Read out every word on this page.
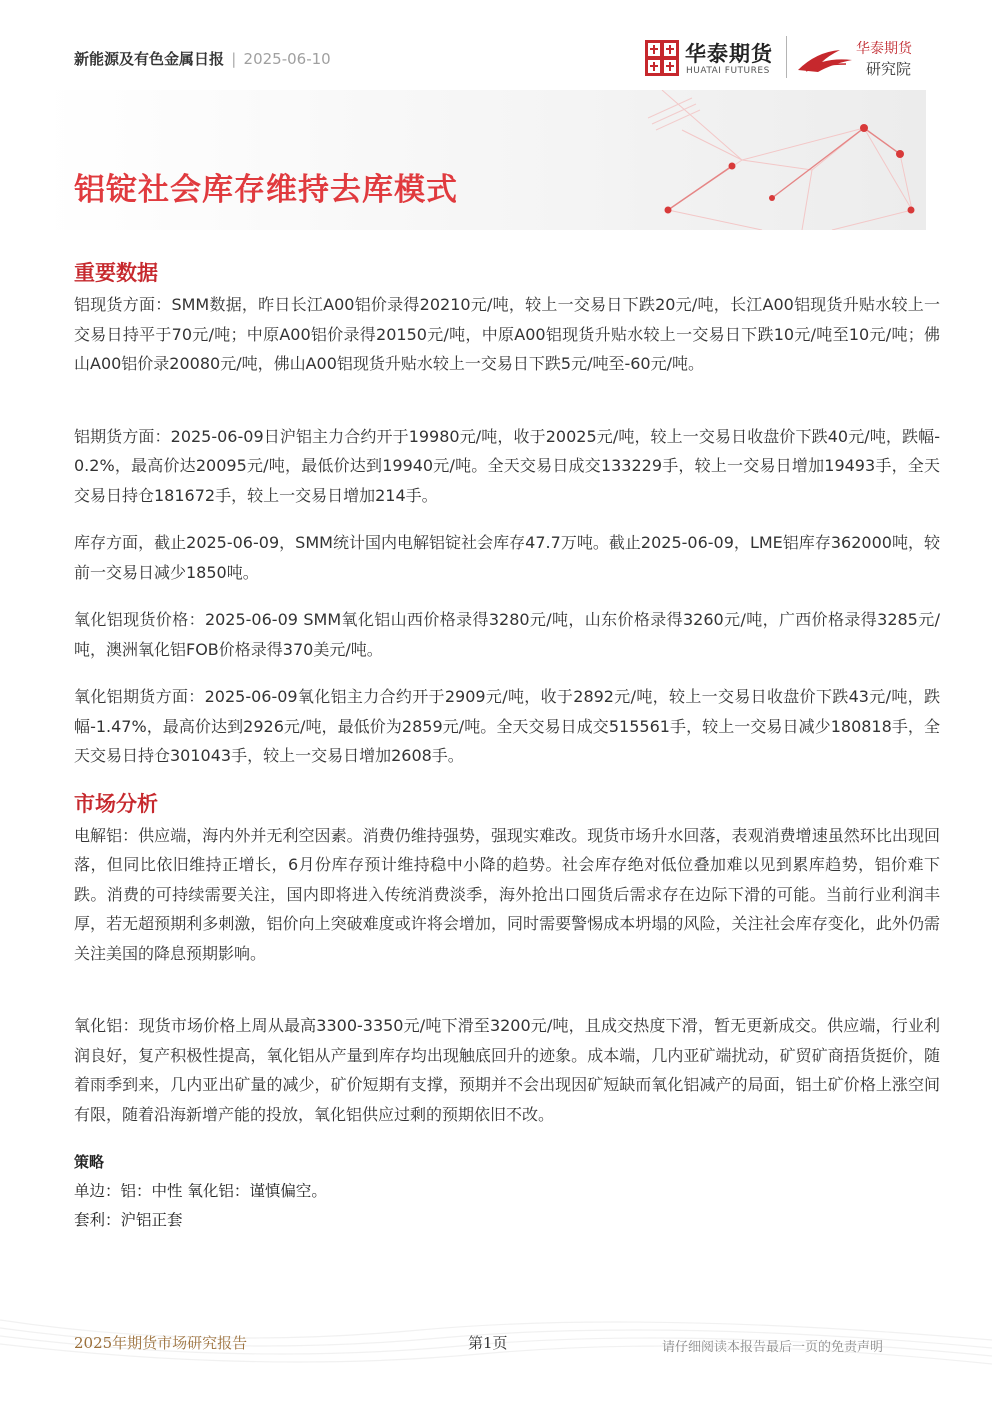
新能源及有色金属日报 | 2025-06-10	华泰期货
HUATAI FUTURES
华泰期货
研究院
铝锭社会库存维持去库模式

重要数据

铝现货方面：SMM数据，昨日长江A00铝价录得20210元/吨，较上一交易日下跌20元/吨，长江A00铝现货升贴水较上一交易日持平于70元/吨；中原A00铝价录得20150元/吨，中原A00铝现货升贴水较上一交易日下跌10元/吨至10元/吨；佛山A00铝价录20080元/吨，佛山A00铝现货升贴水较上一交易日下跌5元/吨至-60元/吨。

铝期货方面：2025-06-09日沪铝主力合约开于19980元/吨，收于20025元/吨，较上一交易日收盘价下跌40元/吨，跌幅-0.2%，最高价达20095元/吨，最低价达到19940元/吨。全天交易日成交133229手，较上一交易日增加19493手，全天交易日持仓181672手，较上一交易日增加214手。

库存方面，截止2025-06-09，SMM统计国内电解铝锭社会库存47.7万吨。截止2025-06-09，LME铝库存362000吨，较前一交易日减少1850吨。

氧化铝现货价格：2025-06-09 SMM氧化铝山西价格录得3280元/吨，山东价格录得3260元/吨，广西价格录得3285元/吨，澳洲氧化铝FOB价格录得370美元/吨。

氧化铝期货方面：2025-06-09氧化铝主力合约开于2909元/吨，收于2892元/吨，较上一交易日收盘价下跌43元/吨，跌幅-1.47%，最高价达到2926元/吨，最低价为2859元/吨。全天交易日成交515561手，较上一交易日减少180818手，全天交易日持仓301043手，较上一交易日增加2608手。

市场分析

电解铝：供应端，海内外并无利空因素。消费仍维持强势，强现实难改。现货市场升水回落，表观消费增速虽然环比出现回落，但同比依旧维持正增长，6月份库存预计维持稳中小降的趋势。社会库存绝对低位叠加难以见到累库趋势，铝价难下跌。消费的可持续需要关注，国内即将进入传统消费淡季，海外抢出口囤货后需求存在边际下滑的可能。当前行业利润丰厚，若无超预期利多刺激，铝价向上突破难度或许将会增加，同时需要警惕成本坍塌的风险，关注社会库存变化，此外仍需关注美国的降息预期影响。

氧化铝：现货市场价格上周从最高3300-3350元/吨下滑至3200元/吨，且成交热度下滑，暂无更新成交。供应端，行业利润良好，复产积极性提高，氧化铝从产量到库存均出现触底回升的迹象。成本端，几内亚矿端扰动，矿贸矿商捂货挺价，随着雨季到来，几内亚出矿量的减少，矿价短期有支撑，预期并不会出现因矿短缺而氧化铝减产的局面，铝土矿价格上涨空间有限，随着沿海新增产能的投放，氧化铝供应过剩的预期依旧不改。

策略

单边：铝：中性 氧化铝：谨慎偏空。

套利：沪铝正套

2025年期货市场研究报告	第1页	请仔细阅读本报告最后一页的免责声明
